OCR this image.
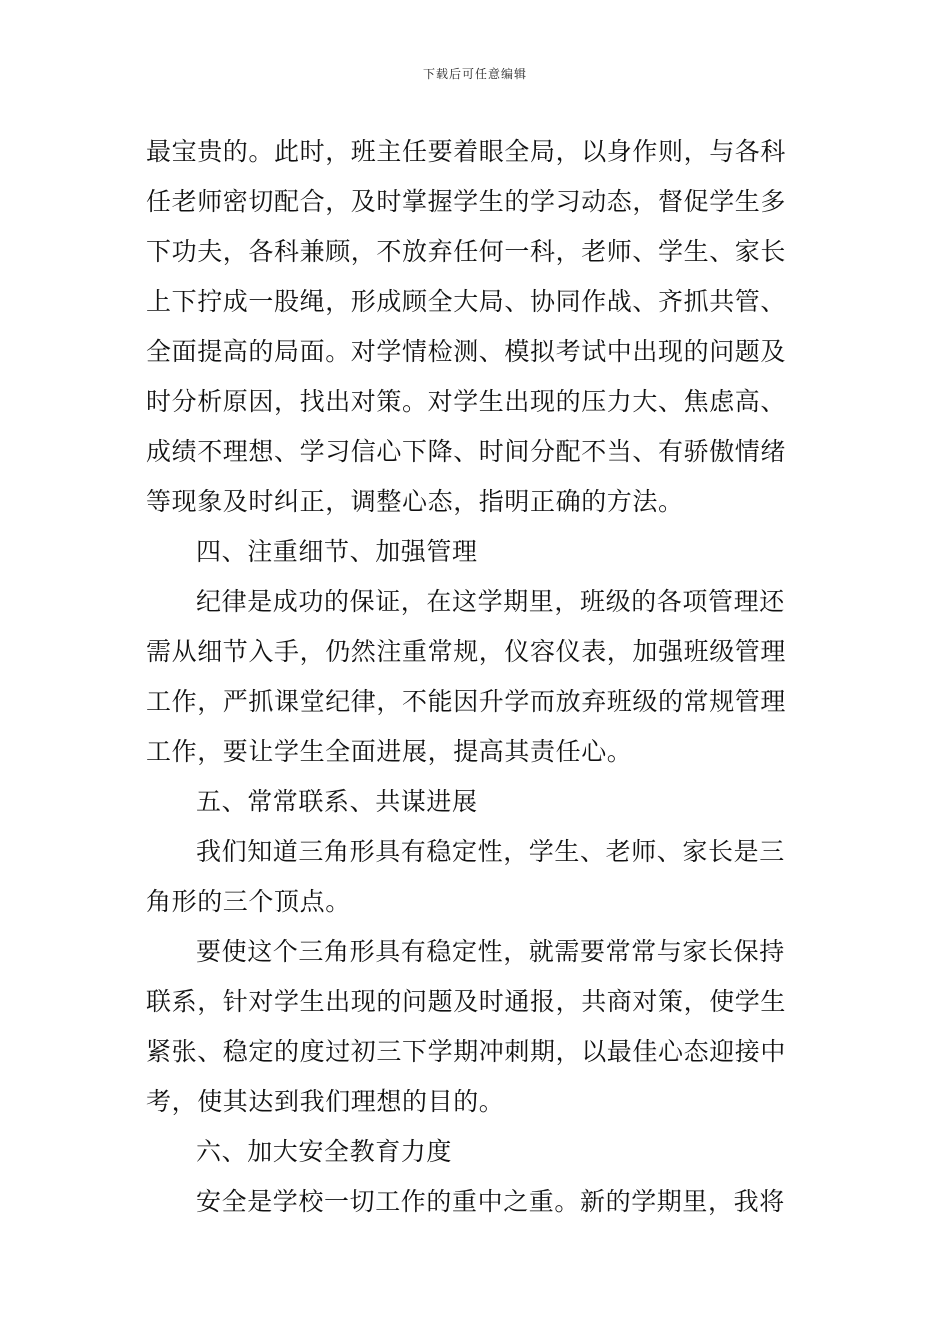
下载后可任意编辑
最宝贵的。此时，班主任要着眼全局，以身作则，与各科
任老师密切配合，及时掌握学生的学习动态，督促学生多
下功夫，各科兼顾，不放弃任何一科，老师、学生、家长
上下拧成一股绳，形成顾全大局、协同作战、齐抓共管、
全面提高的局面。对学情检测、模拟考试中出现的问题及
时分析原因，找出对策。对学生出现的压力大、焦虑高、
成绩不理想、学习信心下降、时间分配不当、有骄傲情绪
等现象及时纠正，调整心态，指明正确的方法。
四、注重细节、加强管理
纪律是成功的保证，在这学期里，班级的各项管理还
需从细节入手，仍然注重常规，仪容仪表，加强班级管理
工作，严抓课堂纪律，不能因升学而放弃班级的常规管理
工作，要让学生全面进展，提高其责任心。
五、常常联系、共谋进展
我们知道三角形具有稳定性，学生、老师、家长是三
角形的三个顶点。
要使这个三角形具有稳定性，就需要常常与家长保持
联系，针对学生出现的问题及时通报，共商对策，使学生
紧张、稳定的度过初三下学期冲刺期，以最佳心态迎接中
考，使其达到我们理想的目的。
六、加大安全教育力度
安全是学校一切工作的重中之重。新的学期里，我将
